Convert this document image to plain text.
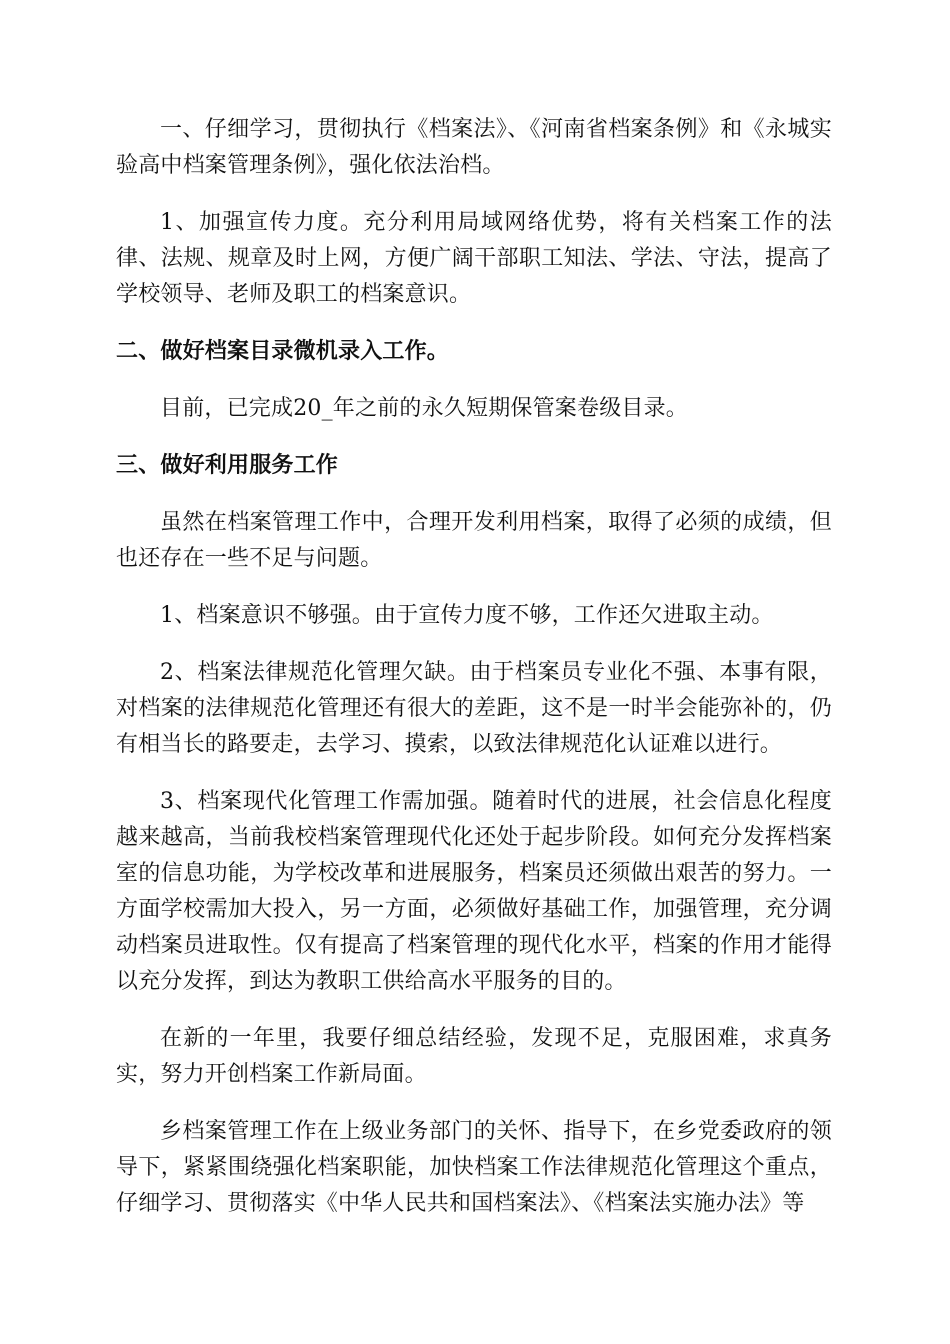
一、仔细学习，贯彻执行《档案法》、《河南省档案条例》和《永城实验高中档案管理条例》，强化依法治档。

1、加强宣传力度。充分利用局域网络优势，将有关档案工作的法律、法规、规章及时上网，方便广阔干部职工知法、学法、守法，提高了学校领导、老师及职工的档案意识。

二、做好档案目录微机录入工作。

目前，已完成20_年之前的永久短期保管案卷级目录。

三、做好利用服务工作

虽然在档案管理工作中，合理开发利用档案，取得了必须的成绩，但也还存在一些不足与问题。

1、档案意识不够强。由于宣传力度不够，工作还欠进取主动。

2、档案法律规范化管理欠缺。由于档案员专业化不强、本事有限，对档案的法律规范化管理还有很大的差距，这不是一时半会能弥补的，仍有相当长的路要走，去学习、摸索，以致法律规范化认证难以进行。

3、档案现代化管理工作需加强。随着时代的进展，社会信息化程度越来越高，当前我校档案管理现代化还处于起步阶段。如何充分发挥档案室的信息功能，为学校改革和进展服务，档案员还须做出艰苦的努力。一方面学校需加大投入，另一方面，必须做好基础工作，加强管理，充分调动档案员进取性。仅有提高了档案管理的现代化水平，档案的作用才能得以充分发挥，到达为教职工供给高水平服务的目的。

在新的一年里，我要仔细总结经验，发现不足，克服困难，求真务实，努力开创档案工作新局面。

乡档案管理工作在上级业务部门的关怀、指导下，在乡党委政府的领导下，紧紧围绕强化档案职能，加快档案工作法律规范化管理这个重点，仔细学习、贯彻落实《中华人民共和国档案法》、《档案法实施办法》等
